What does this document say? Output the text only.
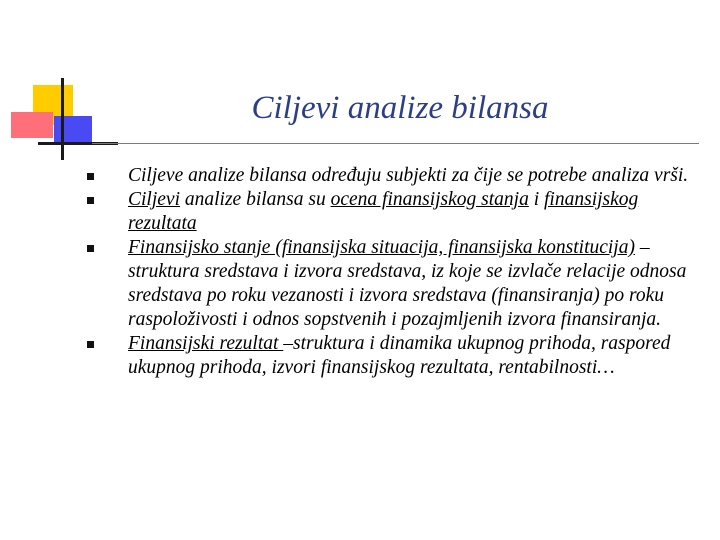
Ciljevi analize bilansa
Ciljeve analize bilansa određuju subjekti za čije se potrebe analiza vrši.
Ciljevi analize bilansa su ocena finansijskog stanja i finansijskog rezultata
Finansijsko stanje (finansijska situacija, finansijska konstitucija) – struktura sredstava i izvora sredstava, iz koje se izvlače relacije odnosa sredstava po roku vezanosti i izvora sredstava (finansiranja) po roku raspoloživosti i odnos sopstvenih i pozajmljenih izvora finansiranja.
Finansijski rezultat –struktura i dinamika ukupnog prihoda, raspored ukupnog prihoda, izvori finansijskog rezultata, rentabilnosti…
